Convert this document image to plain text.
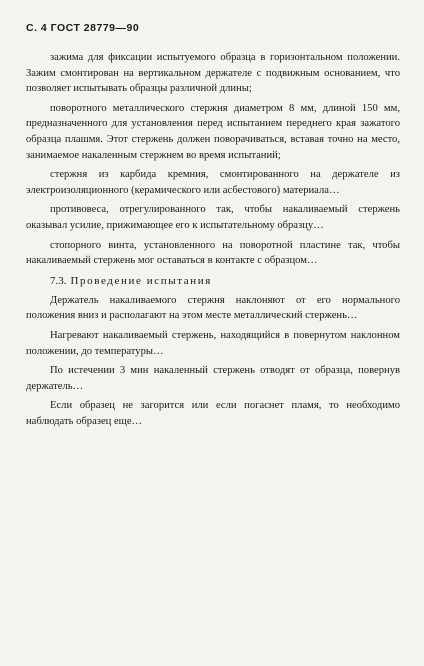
С. 4 ГОСТ 28779—90

зажима для фиксации испытуемого образца в горизонтальном положении. Зажим смонтирован на вертикальном держателе с подвижным основанием, что позволяет испытывать образцы различной длины;

поворотного металлического стержня диаметром 8 мм, длиной 150 мм, предназначенного для установления перед испытанием переднего края зажатого образца плашмя. Этот стержень должен поворачиваться, вставая точно на место, занимаемое накаленным стержнем во время испытаний;

стержня из карбида кремния, смонтированного на держателе из электроизоляционного (керамического или асбестового) материала…

противовеса, отрегулированного так, чтобы накаливаемый стержень оказывал усилие, прижимающее его к испытательному образцу…

стопорного винта, установленного на поворотной пластине так, чтобы накаливаемый стержень мог оставаться в контакте с образцом…

7.3. Проведение испытания

Держатель накаливаемого стержня наклоняют от его нормального положения вниз и располагают на этом месте металлический стержень…

Нагревают накаливаемый стержень, находящийся в повернутом наклонном положении, до температуры…

По истечении 3 мин накаленный стержень отводят от образца, повернув держатель…

Если образец не загорится или если погаснет пламя, то необходимо наблюдать образец еще…
